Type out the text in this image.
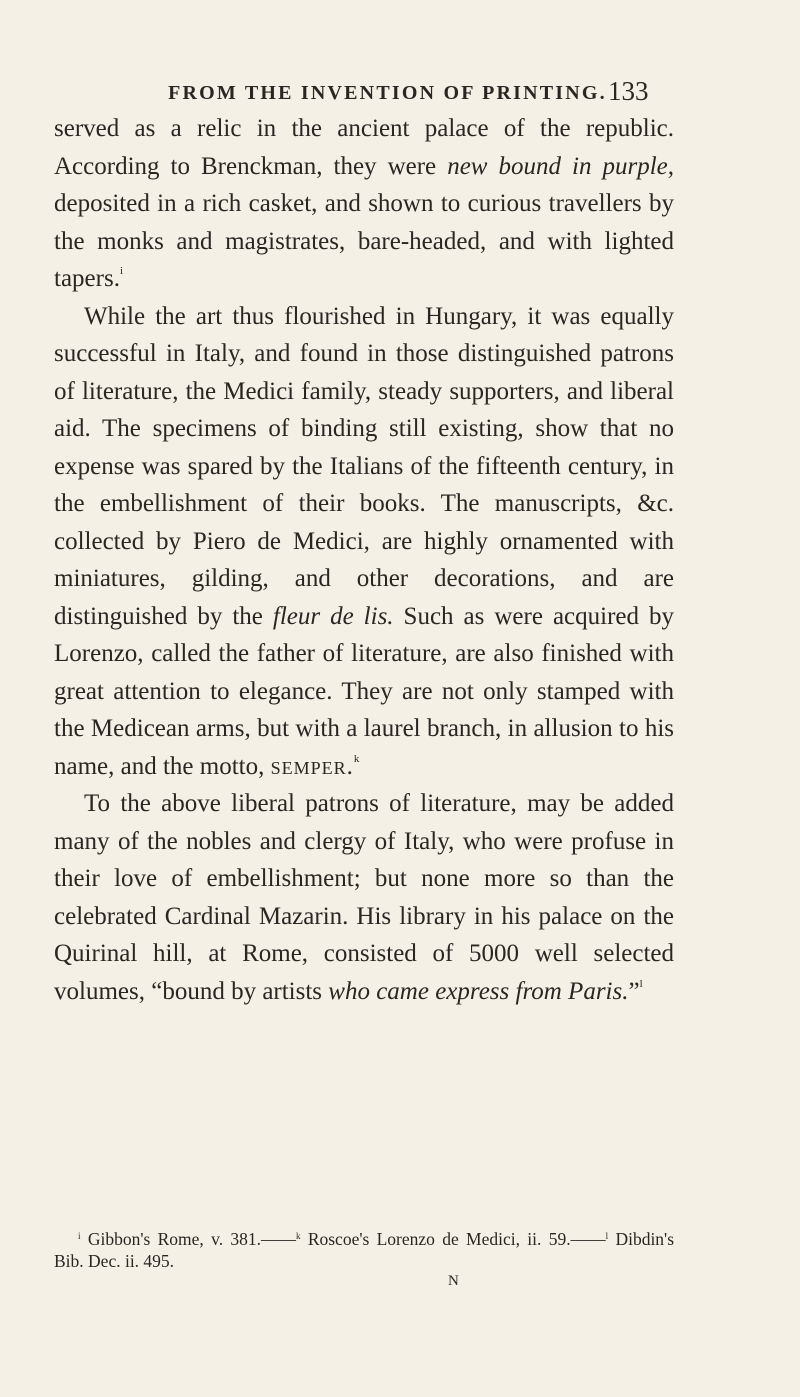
FROM THE INVENTION OF PRINTING. 133

served as a relic in the ancient palace of the republic. According to Brenckman, they were new bound in purple, deposited in a rich casket, and shown to curious travellers by the monks and magistrates, bare-headed, and with lighted tapers.$^i$

While the art thus flourished in Hungary, it was equally successful in Italy, and found in those distinguished patrons of literature, the Medici family, steady supporters, and liberal aid. The specimens of binding still existing, show that no expense was spared by the Italians of the fifteenth century, in the embellishment of their books. The manuscripts, &c. collected by Piero de Medici, are highly ornamented with miniatures, gilding, and other decorations, and are distinguished by the fleur de lis. Such as were acquired by Lorenzo, called the father of literature, are also finished with great attention to elegance. They are not only stamped with the Medicean arms, but with a laurel branch, in allusion to his name, and the motto, semper.$^k$

To the above liberal patrons of literature, may be added many of the nobles and clergy of Italy, who were profuse in their love of embellishment; but none more so than the celebrated Cardinal Mazarin. His library in his palace on the Quirinal hill, at Rome, consisted of 5000 well selected volumes, “bound by artists who came express from Paris.”$^l$

$^i$ Gibbon's Rome, v. 381.——$^k$ Roscoe's Lorenzo de Medici, ii. 59.——$^l$ Dibdin's Bib. Dec. ii. 495.

N
